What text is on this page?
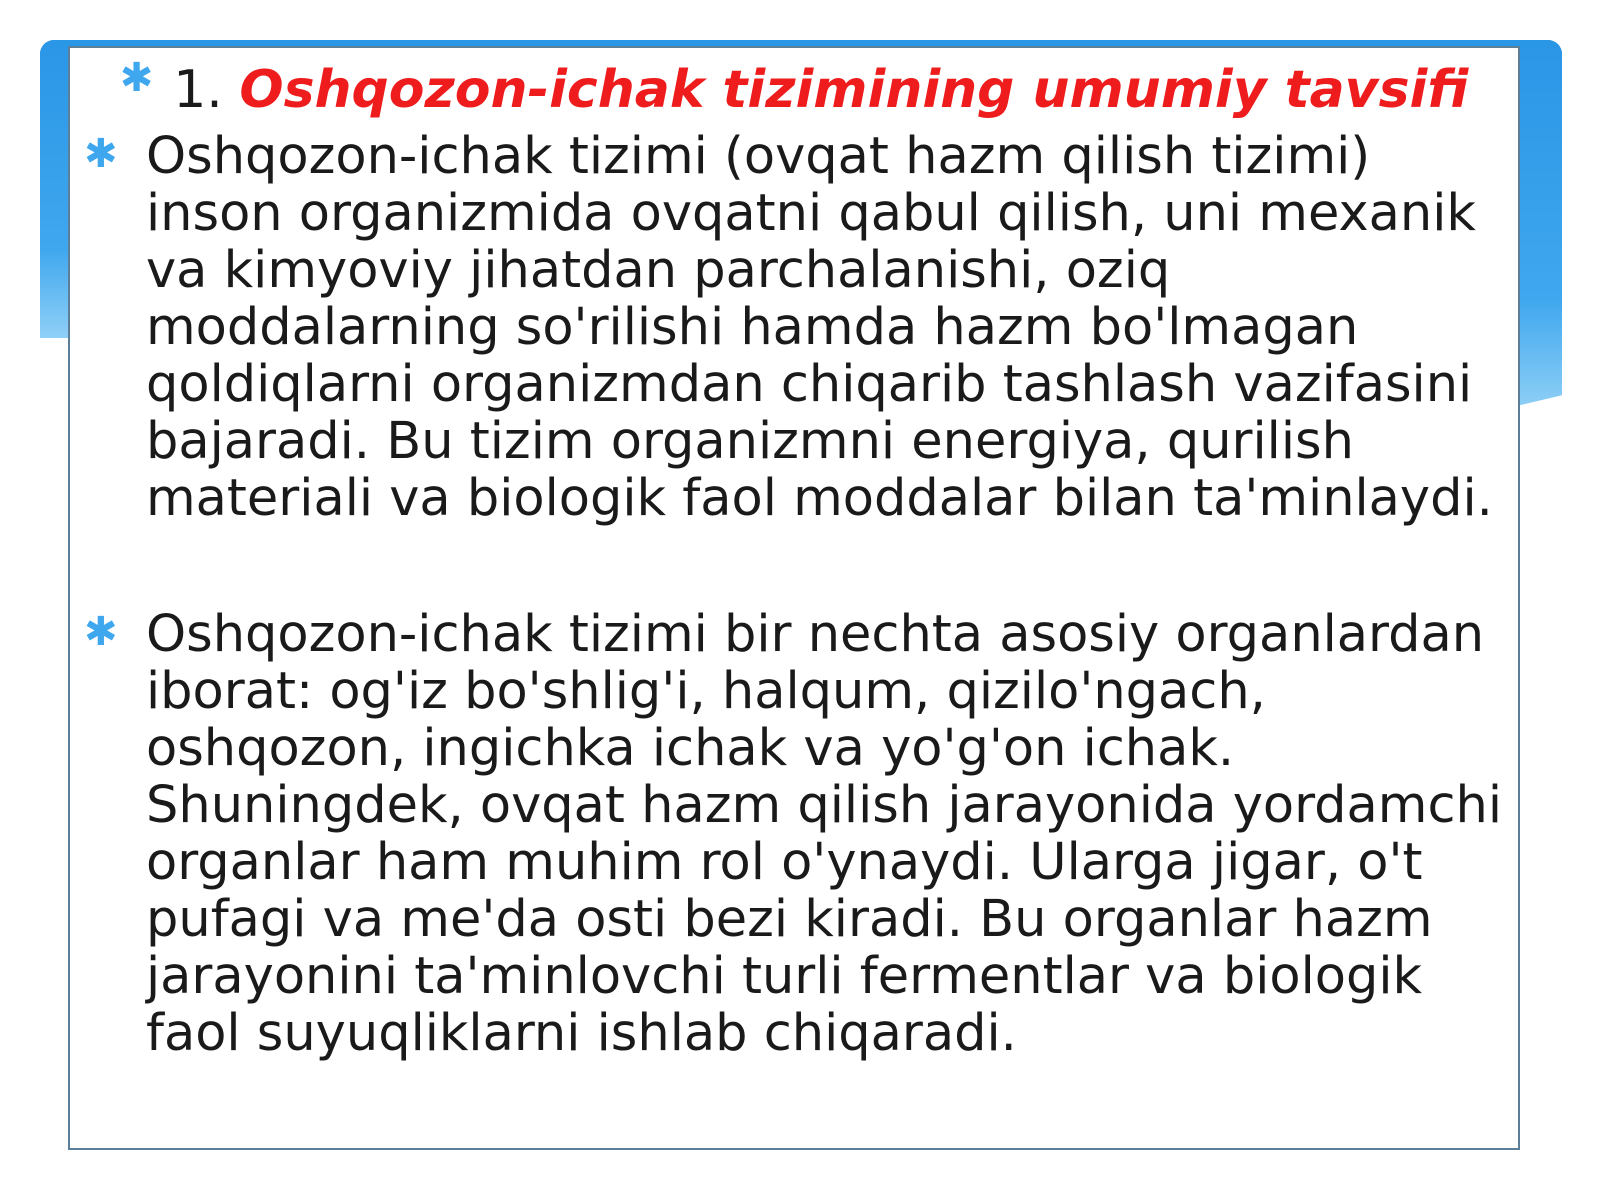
✱ 1. Oshqozon-ichak tizimining umumiy tavsifi
✱ Oshqozon-ichak tizimi (ovqat hazm qilish tizimi) inson organizmida ovqatni qabul qilish, uni mexanik va kimyoviy jihatdan parchalanishi, oziq moddalarning so'rilishi hamda hazm bo'lmagan qoldiqlarni organizmdan chiqarib tashlash vazifasini bajaradi. Bu tizim organizmni energiya, qurilish materiali va biologik faol moddalar bilan ta'minlaydi.
✱ Oshqozon-ichak tizimi bir nechta asosiy organlardan iborat: og'iz bo'shlig'i, halqum, qizilo'ngach, oshqozon, ingichka ichak va yo'g'on ichak. Shuningdek, ovqat hazm qilish jarayonida yordamchi organlar ham muhim rol o'ynaydi. Ularga jigar, o't pufagi va me'da osti bezi kiradi. Bu organlar hazm jarayonini ta'minlovchi turli fermentlar va biologik faol suyuqliklarni ishlab chiqaradi.
